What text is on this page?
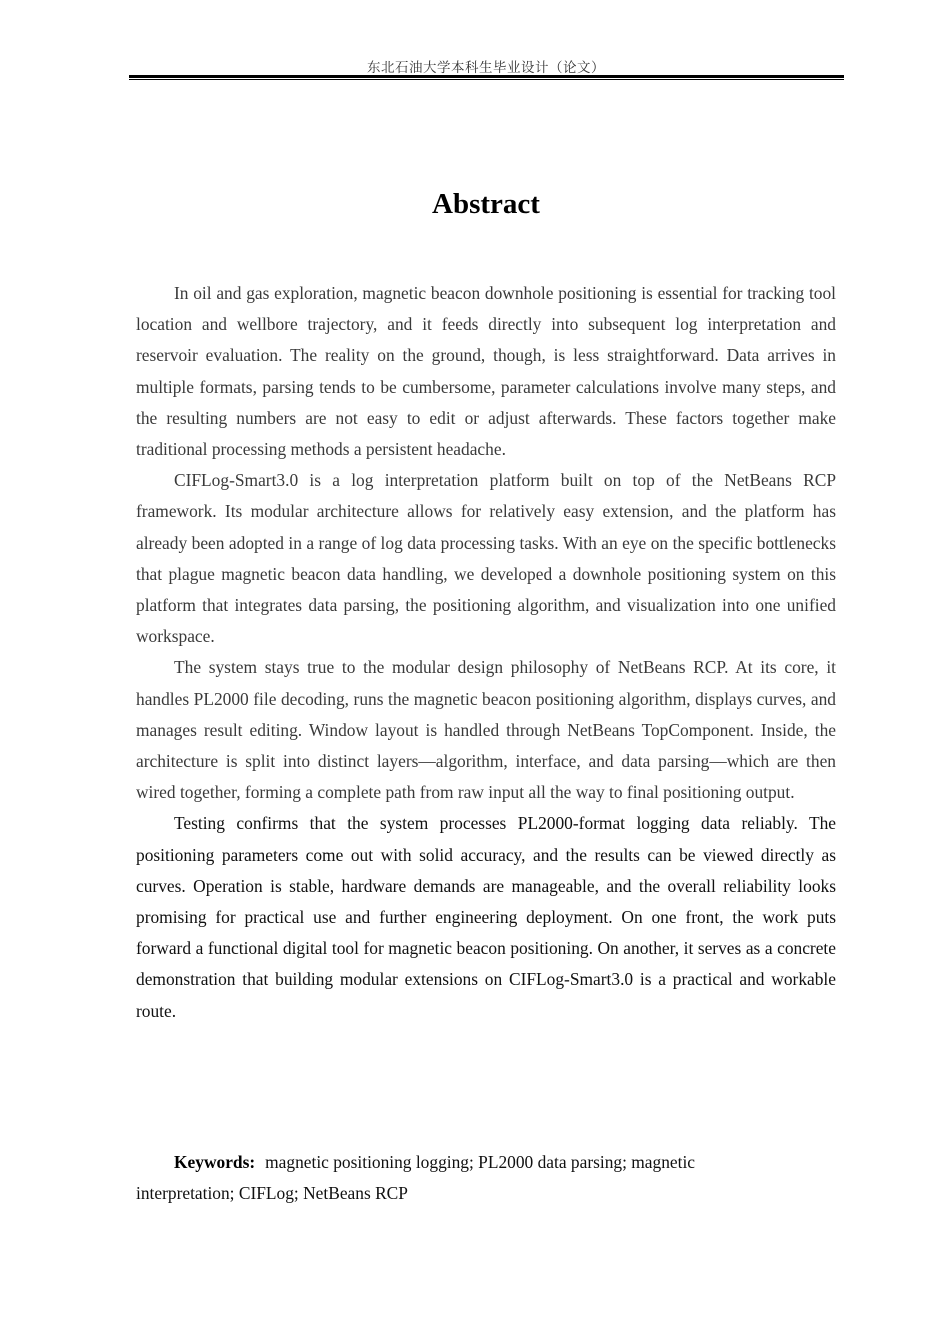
东北石油大学本科生毕业设计（论文）
Abstract

In oil and gas exploration, magnetic beacon downhole positioning is essential for tracking tool location and wellbore trajectory, and it feeds directly into subsequent log interpretation and reservoir evaluation. The reality on the ground, though, is less straightforward. Data arrives in multiple formats, parsing tends to be cumbersome, parameter calculations involve many steps, and the resulting numbers are not easy to edit or adjust afterwards. These factors together make traditional processing methods a persistent headache.

CIFLog-Smart3.0 is a log interpretation platform built on top of the NetBeans RCP framework. Its modular architecture allows for relatively easy extension, and the platform has already been adopted in a range of log data processing tasks. With an eye on the specific bottlenecks that plague magnetic beacon data handling, we developed a downhole positioning system on this platform that integrates data parsing, the positioning algorithm, and visualization into one unified workspace.

The system stays true to the modular design philosophy of NetBeans RCP. At its core, it handles PL2000 file decoding, runs the magnetic beacon positioning algorithm, displays curves, and manages result editing. Window layout is handled through NetBeans TopComponent. Inside, the architecture is split into distinct layers—algorithm, interface, and data parsing—which are then wired together, forming a complete path from raw input all the way to final positioning output.

Testing confirms that the system processes PL2000-format logging data reliably. The positioning parameters come out with solid accuracy, and the results can be viewed directly as curves. Operation is stable, hardware demands are manageable, and the overall reliability looks promising for practical use and further engineering deployment. On one front, the work puts forward a functional digital tool for magnetic beacon positioning. On another, it serves as a concrete demonstration that building modular extensions on CIFLog-Smart3.0 is a practical and workable route.

Keywords: magnetic positioning logging; PL2000 data parsing; magnetic
interpretation; CIFLog; NetBeans RCP
